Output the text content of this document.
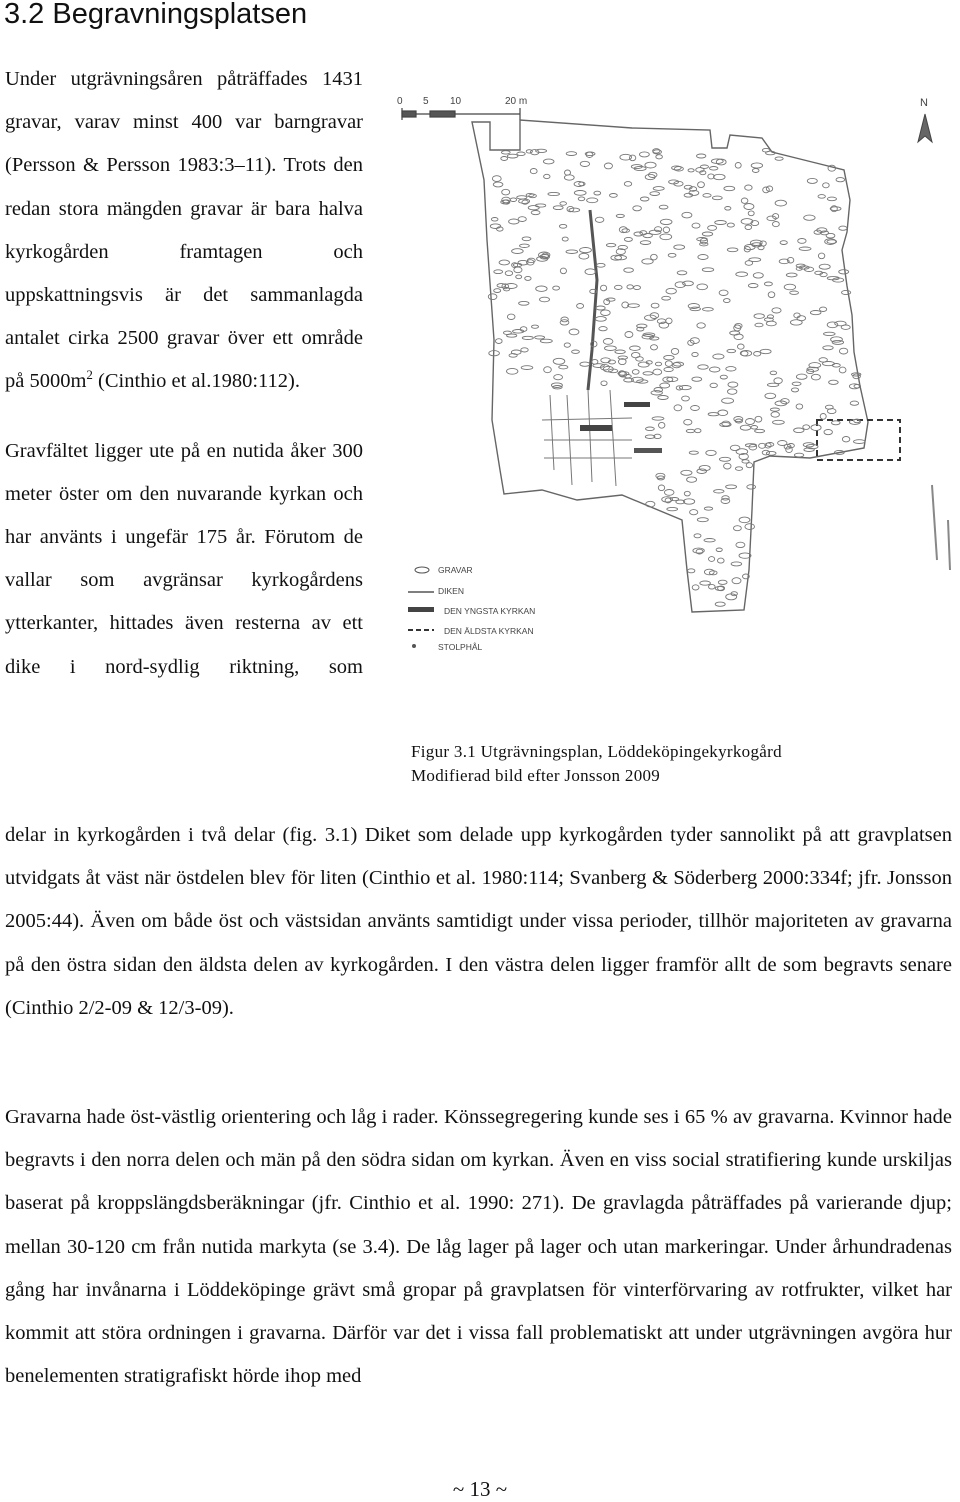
3.2 Begravningsplatsen

Under utgrävningsåren påträffades 1431 gravar, varav minst 400 var barngravar (Persson & Persson 1983:3–11). Trots den redan stora mängden gravar är bara halva kyrkogården framtagen och uppskattningsvis är det sammanlagda antalet cirka 2500 gravar över ett område på $5000m^2$ (Cinthio et al.1980:112).

Gravfältet ligger ute på en nutida åker 300 meter öster om den nuvarande kyrkan och har använts i ungefär 175 år. Förutom de vallar som avgränsar kyrkogårdens ytterkanter, hittades även resterna av ett dike i nord-sydlig riktning, som

0 5 10	20 m	N
GRAVAR
DIKEN
DEN YNGSTA KYRKAN
DEN ÄLDSTA KYRKAN
STOLPHÅL
Figur 3.1 Utgrävningsplan, Löddeköpingekyrkogård
Modifierad bild efter Jonsson 2009

delar in kyrkogården i två delar (fig. 3.1) Diket som delade upp kyrkogården tyder sannolikt på att gravplatsen utvidgats åt väst när östdelen blev för liten (Cinthio et al. 1980:114; Svanberg & Söderberg 2000:334f; jfr. Jonsson 2005:44). Även om både öst och västsidan använts samtidigt under vissa perioder, tillhör majoriteten av gravarna på den östra sidan den äldsta delen av kyrkogården. I den västra delen ligger framför allt de som begravts senare (Cinthio 2/2-09 & 12/3-09).

Gravarna hade öst-västlig orientering och låg i rader. Könssegregering kunde ses i 65 % av gravarna. Kvinnor hade begravts i den norra delen och män på den södra sidan om kyrkan. Även en viss social stratifiering kunde urskiljas baserat på kroppslängdsberäkningar (jfr. Cinthio et al. 1990: 271). De gravlagda påträffades på varierande djup; mellan 30-120 cm från nutida markyta (se 3.4). De låg lager på lager och utan markeringar. Under århundradenas gång har invånarna i Löddeköpinge grävt små gropar på gravplatsen för vinterförvaring av rotfrukter, vilket har kommit att störa ordningen i gravarna. Därför var det i vissa fall problematiskt att under utgrävningen avgöra hur benelementen stratigrafiskt hörde ihop med

~ 13 ~
